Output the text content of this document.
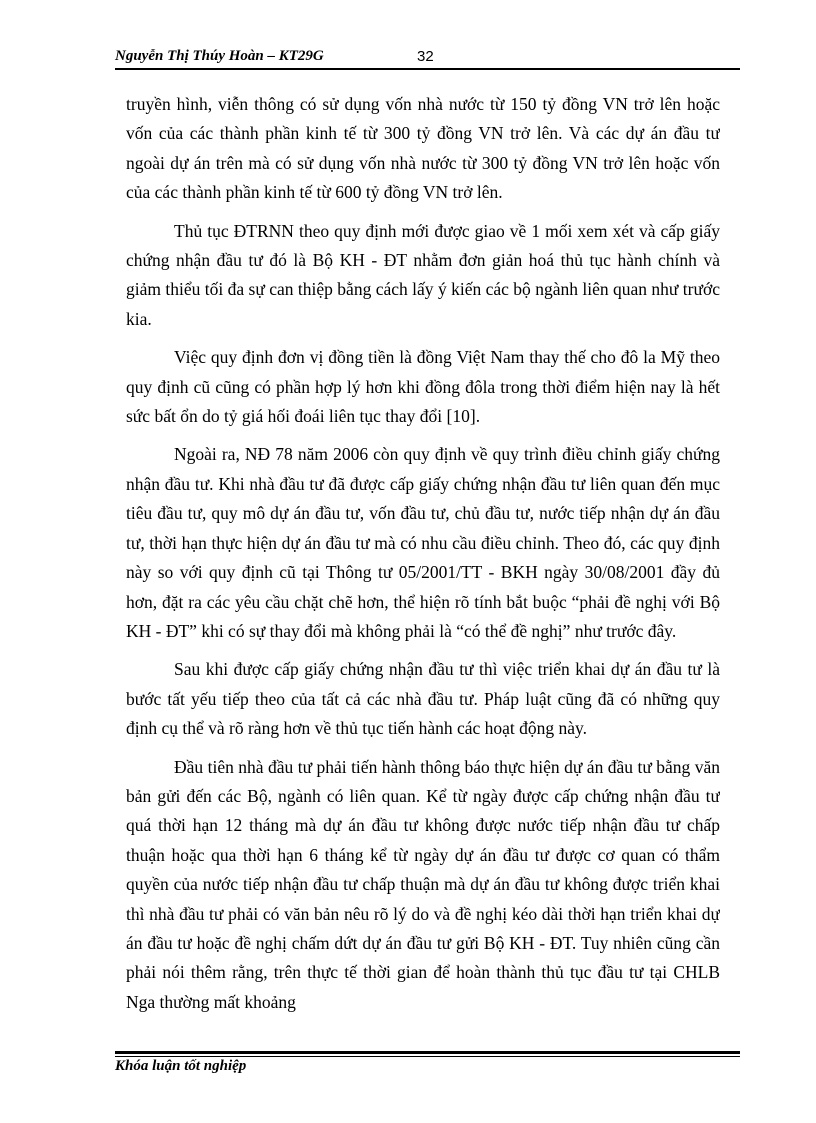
Nguyễn Thị Thúy Hoàn – KT29G	32

truyền hình, viễn thông có sử dụng vốn nhà nước từ 150 tỷ đồng VN trở lên hoặc vốn của các thành phần kinh tế từ 300 tỷ đồng VN trở lên. Và các dự án đầu tư ngoài dự án trên mà có sử dụng vốn nhà nước từ 300 tỷ đồng VN trở lên hoặc vốn của các thành phần kinh tế từ 600 tỷ đồng VN trở lên.

Thủ tục ĐTRNN theo quy định mới được giao về 1 mối xem xét và cấp giấy chứng nhận đầu tư đó là Bộ KH - ĐT nhằm đơn giản hoá thủ tục hành chính và giảm thiểu tối đa sự can thiệp bằng cách lấy ý kiến các bộ ngành liên quan như trước kia.

Việc quy định đơn vị đồng tiền là đồng Việt Nam thay thế cho đô la Mỹ theo quy định cũ cũng có phần hợp lý hơn khi đồng đôla trong thời điểm hiện nay là hết sức bất ổn do tỷ giá hối đoái liên tục thay đổi [10].

Ngoài ra, NĐ 78 năm 2006 còn quy định về quy trình điều chỉnh giấy chứng nhận đầu tư. Khi nhà đầu tư đã được cấp giấy chứng nhận đầu tư liên quan đến mục tiêu đầu tư, quy mô dự án đầu tư, vốn đầu tư, chủ đầu tư, nước tiếp nhận dự án đầu tư, thời hạn thực hiện dự án đầu tư mà có nhu cầu điều chỉnh. Theo đó, các quy định này so với quy định cũ tại Thông tư 05/2001/TT - BKH ngày 30/08/2001 đầy đủ hơn, đặt ra các yêu cầu chặt chẽ hơn, thể hiện rõ tính bắt buộc “phải đề nghị với Bộ KH - ĐT” khi có sự thay đổi mà không phải là “có thể đề nghị” như trước đây.

Sau khi được cấp giấy chứng nhận đầu tư thì việc triển khai dự án đầu tư là bước tất yếu tiếp theo của tất cả các nhà đầu tư. Pháp luật cũng đã có những quy định cụ thể và rõ ràng hơn về thủ tục tiến hành các hoạt động này.

Đầu tiên nhà đầu tư phải tiến hành thông báo thực hiện dự án đầu tư bằng văn bản gửi đến các Bộ, ngành có liên quan. Kể từ ngày được cấp chứng nhận đầu tư quá thời hạn 12 tháng mà dự án đầu tư không được nước tiếp nhận đầu tư chấp thuận hoặc qua thời hạn 6 tháng kể từ ngày dự án đầu tư được cơ quan có thẩm quyền của nước tiếp nhận đầu tư chấp thuận mà dự án đầu tư không được triển khai thì nhà đầu tư phải có văn bản nêu rõ lý do và đề nghị kéo dài thời hạn triển khai dự án đầu tư hoặc đề nghị chấm dứt dự án đầu tư gửi Bộ KH - ĐT. Tuy nhiên cũng cần phải nói thêm rằng, trên thực tế thời gian để hoàn thành thủ tục đầu tư tại CHLB Nga thường mất khoảng

Khóa luận tốt nghiệp
